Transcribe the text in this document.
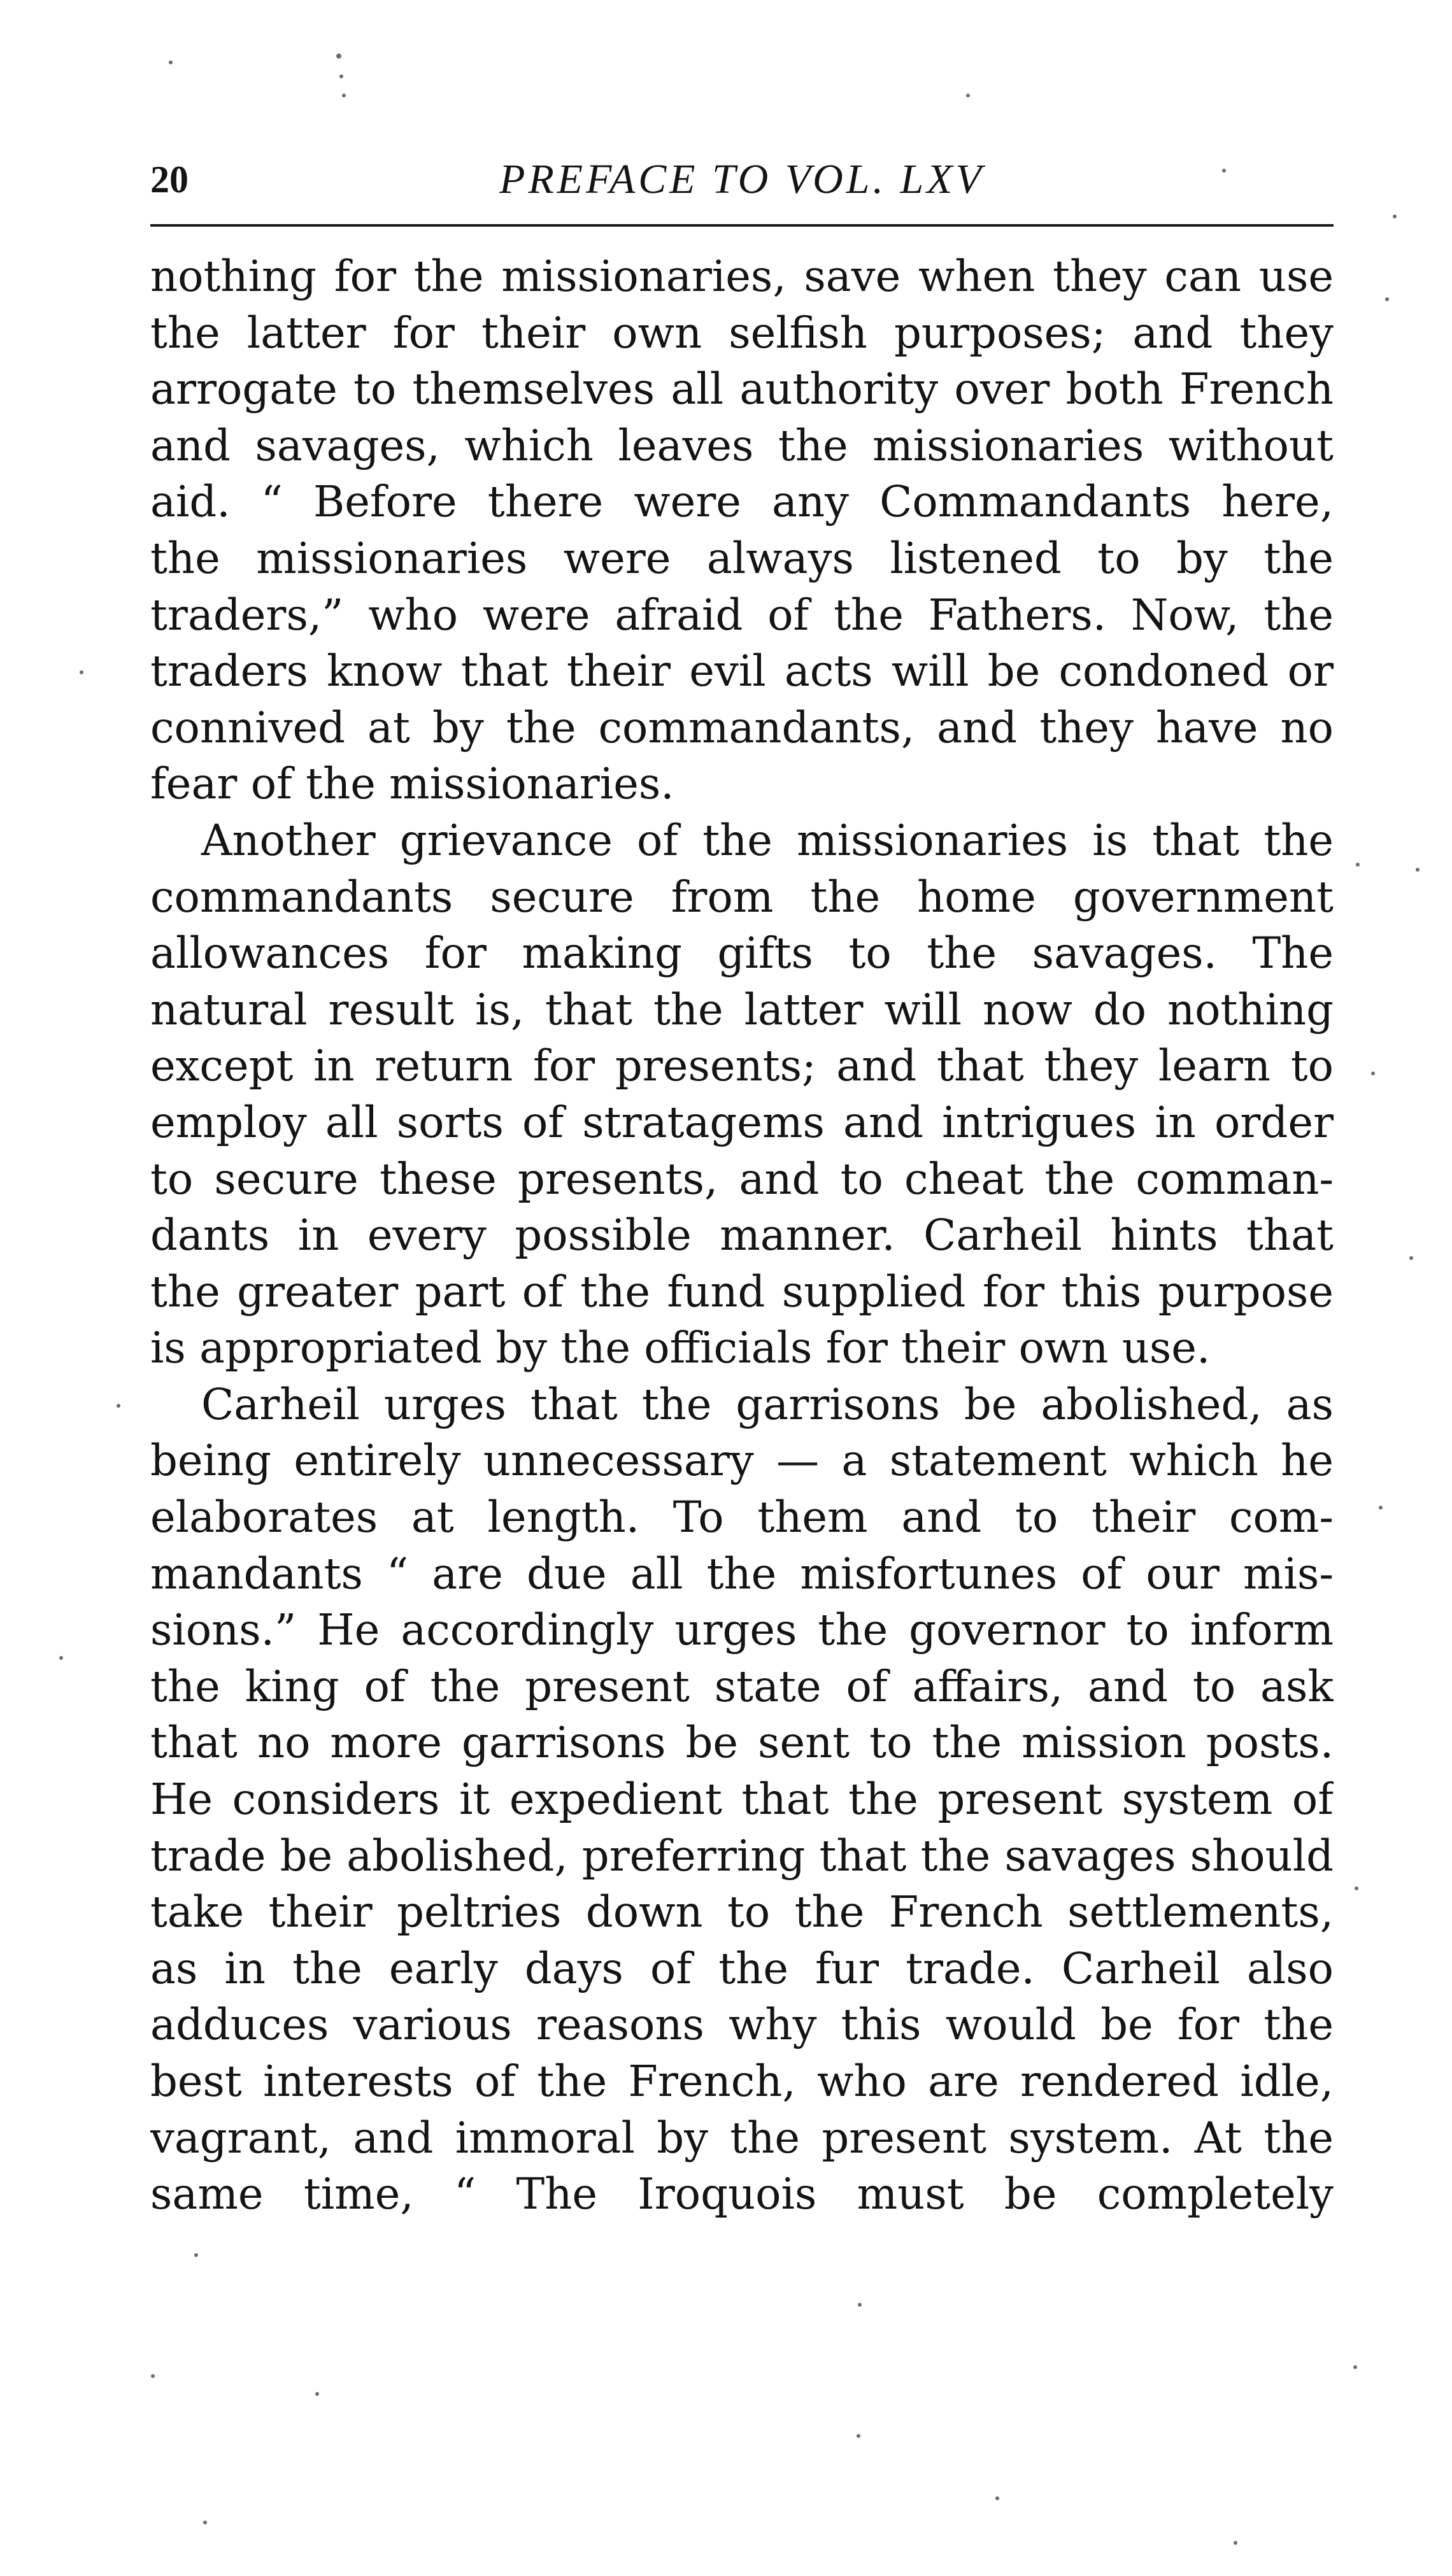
20	PREFACE TO VOL. LXV
nothing for the missionaries, save when they can use
the latter for their own selfish purposes; and they
arrogate to themselves all authority over both French
and savages, which leaves the missionaries without
aid. “ Before there were any Commandants here,
the missionaries were always listened to by the
traders,” who were afraid of the Fathers. Now, the
traders know that their evil acts will be condoned or
connived at by the commandants, and they have no
fear of the missionaries.
Another grievance of the missionaries is that the
commandants secure from the home government
allowances for making gifts to the savages. The
natural result is, that the latter will now do nothing
except in return for presents; and that they learn to
employ all sorts of stratagems and intrigues in order
to secure these presents, and to cheat the comman-
dants in every possible manner. Carheil hints that
the greater part of the fund supplied for this purpose
is appropriated by the officials for their own use.
Carheil urges that the garrisons be abolished, as
being entirely unnecessary — a statement which he
elaborates at length. To them and to their com-
mandants “ are due all the misfortunes of our mis-
sions.” He accordingly urges the governor to inform
the king of the present state of affairs, and to ask
that no more garrisons be sent to the mission posts.
He considers it expedient that the present system of
trade be abolished, preferring that the savages should
take their peltries down to the French settlements,
as in the early days of the fur trade. Carheil also
adduces various reasons why this would be for the
best interests of the French, who are rendered idle,
vagrant, and immoral by the present system. At the
same time, “ The Iroquois must be completely
